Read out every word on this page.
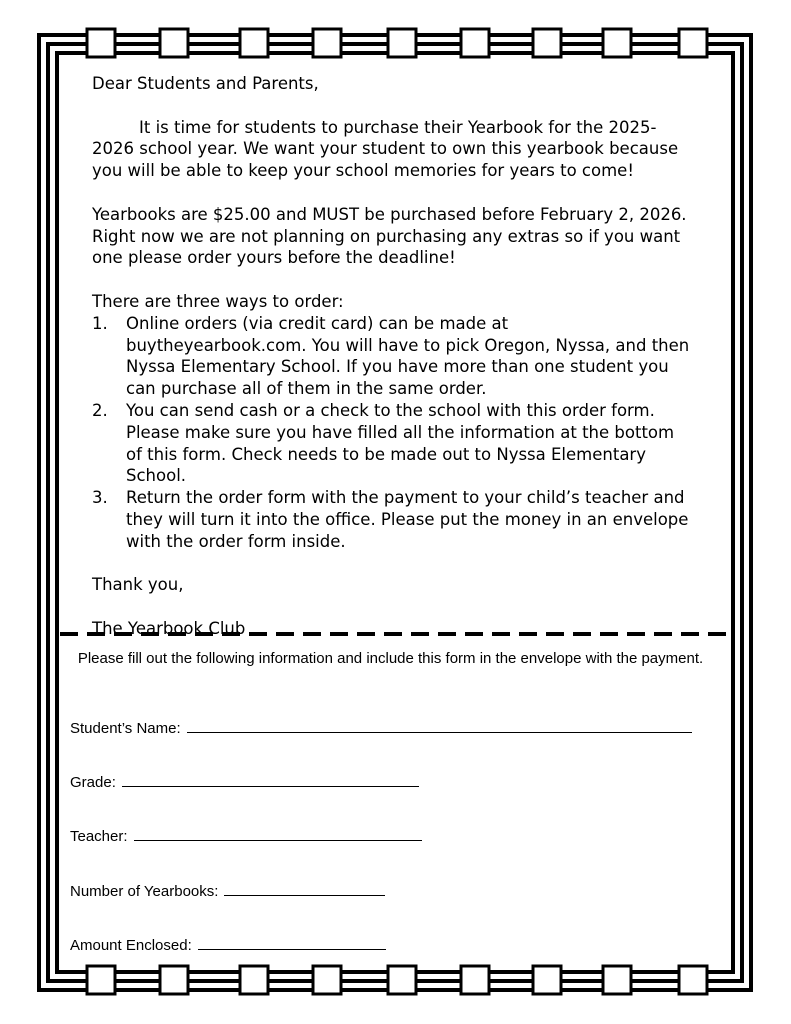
Dear Students and Parents,

It is time for students to purchase their Yearbook for the 2025-2026 school year. We want your student to own this yearbook because you will be able to keep your school memories for years to come!

Yearbooks are $25.00 and MUST be purchased before February 2, 2026. Right now we are not planning on purchasing any extras so if you want one please order yours before the deadline!

There are three ways to order:

1. Online orders (via credit card) can be made at buytheyearbook.com. You will have to pick Oregon, Nyssa, and then Nyssa Elementary School. If you have more than one student you can purchase all of them in the same order.
2. You can send cash or a check to the school with this order form. Please make sure you have filled all the information at the bottom of this form. Check needs to be made out to Nyssa Elementary School.
3. Return the order form with the payment to your child’s teacher and they will turn it into the office. Please put the money in an envelope with the order form inside.

Thank you,

The Yearbook Club

Please fill out the following information and include this form in the envelope with the payment.

Student’s Name:
Grade:
Teacher:
Number of Yearbooks:
Amount Enclosed:
